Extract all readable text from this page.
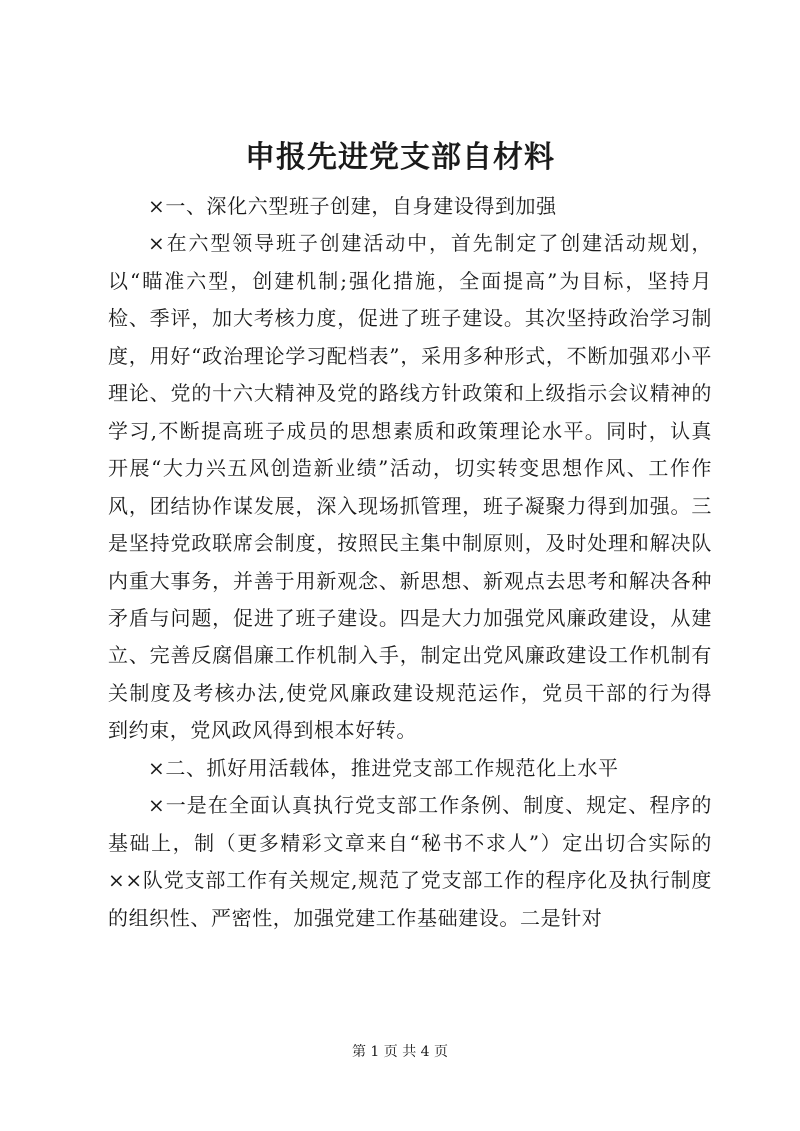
申报先进党支部自材料

×一、深化六型班子创建，自身建设得到加强

×在六型领导班子创建活动中，首先制定了创建活动规划，以“瞄准六型，创建机制;强化措施，全面提高”为目标，坚持月检、季评，加大考核力度，促进了班子建设。其次坚持政治学习制度，用好“政治理论学习配档表”，采用多种形式，不断加强邓小平理论、党的十六大精神及党的路线方针政策和上级指示会议精神的学习,不断提高班子成员的思想素质和政策理论水平。同时，认真开展“大力兴五风创造新业绩”活动，切实转变思想作风、工作作风，团结协作谋发展，深入现场抓管理，班子凝聚力得到加强。三是坚持党政联席会制度，按照民主集中制原则，及时处理和解决队内重大事务，并善于用新观念、新思想、新观点去思考和解决各种矛盾与问题，促进了班子建设。四是大力加强党风廉政建设，从建立、完善反腐倡廉工作机制入手，制定出党风廉政建设工作机制有关制度及考核办法,使党风廉政建设规范运作，党员干部的行为得到约束，党风政风得到根本好转。

×二、抓好用活载体，推进党支部工作规范化上水平

×一是在全面认真执行党支部工作条例、制度、规定、程序的基础上，制（更多精彩文章来自“秘书不求人”）定出切合实际的××队党支部工作有关规定,规范了党支部工作的程序化及执行制度的组织性、严密性，加强党建工作基础建设。二是针对

第 1 页 共 4 页
